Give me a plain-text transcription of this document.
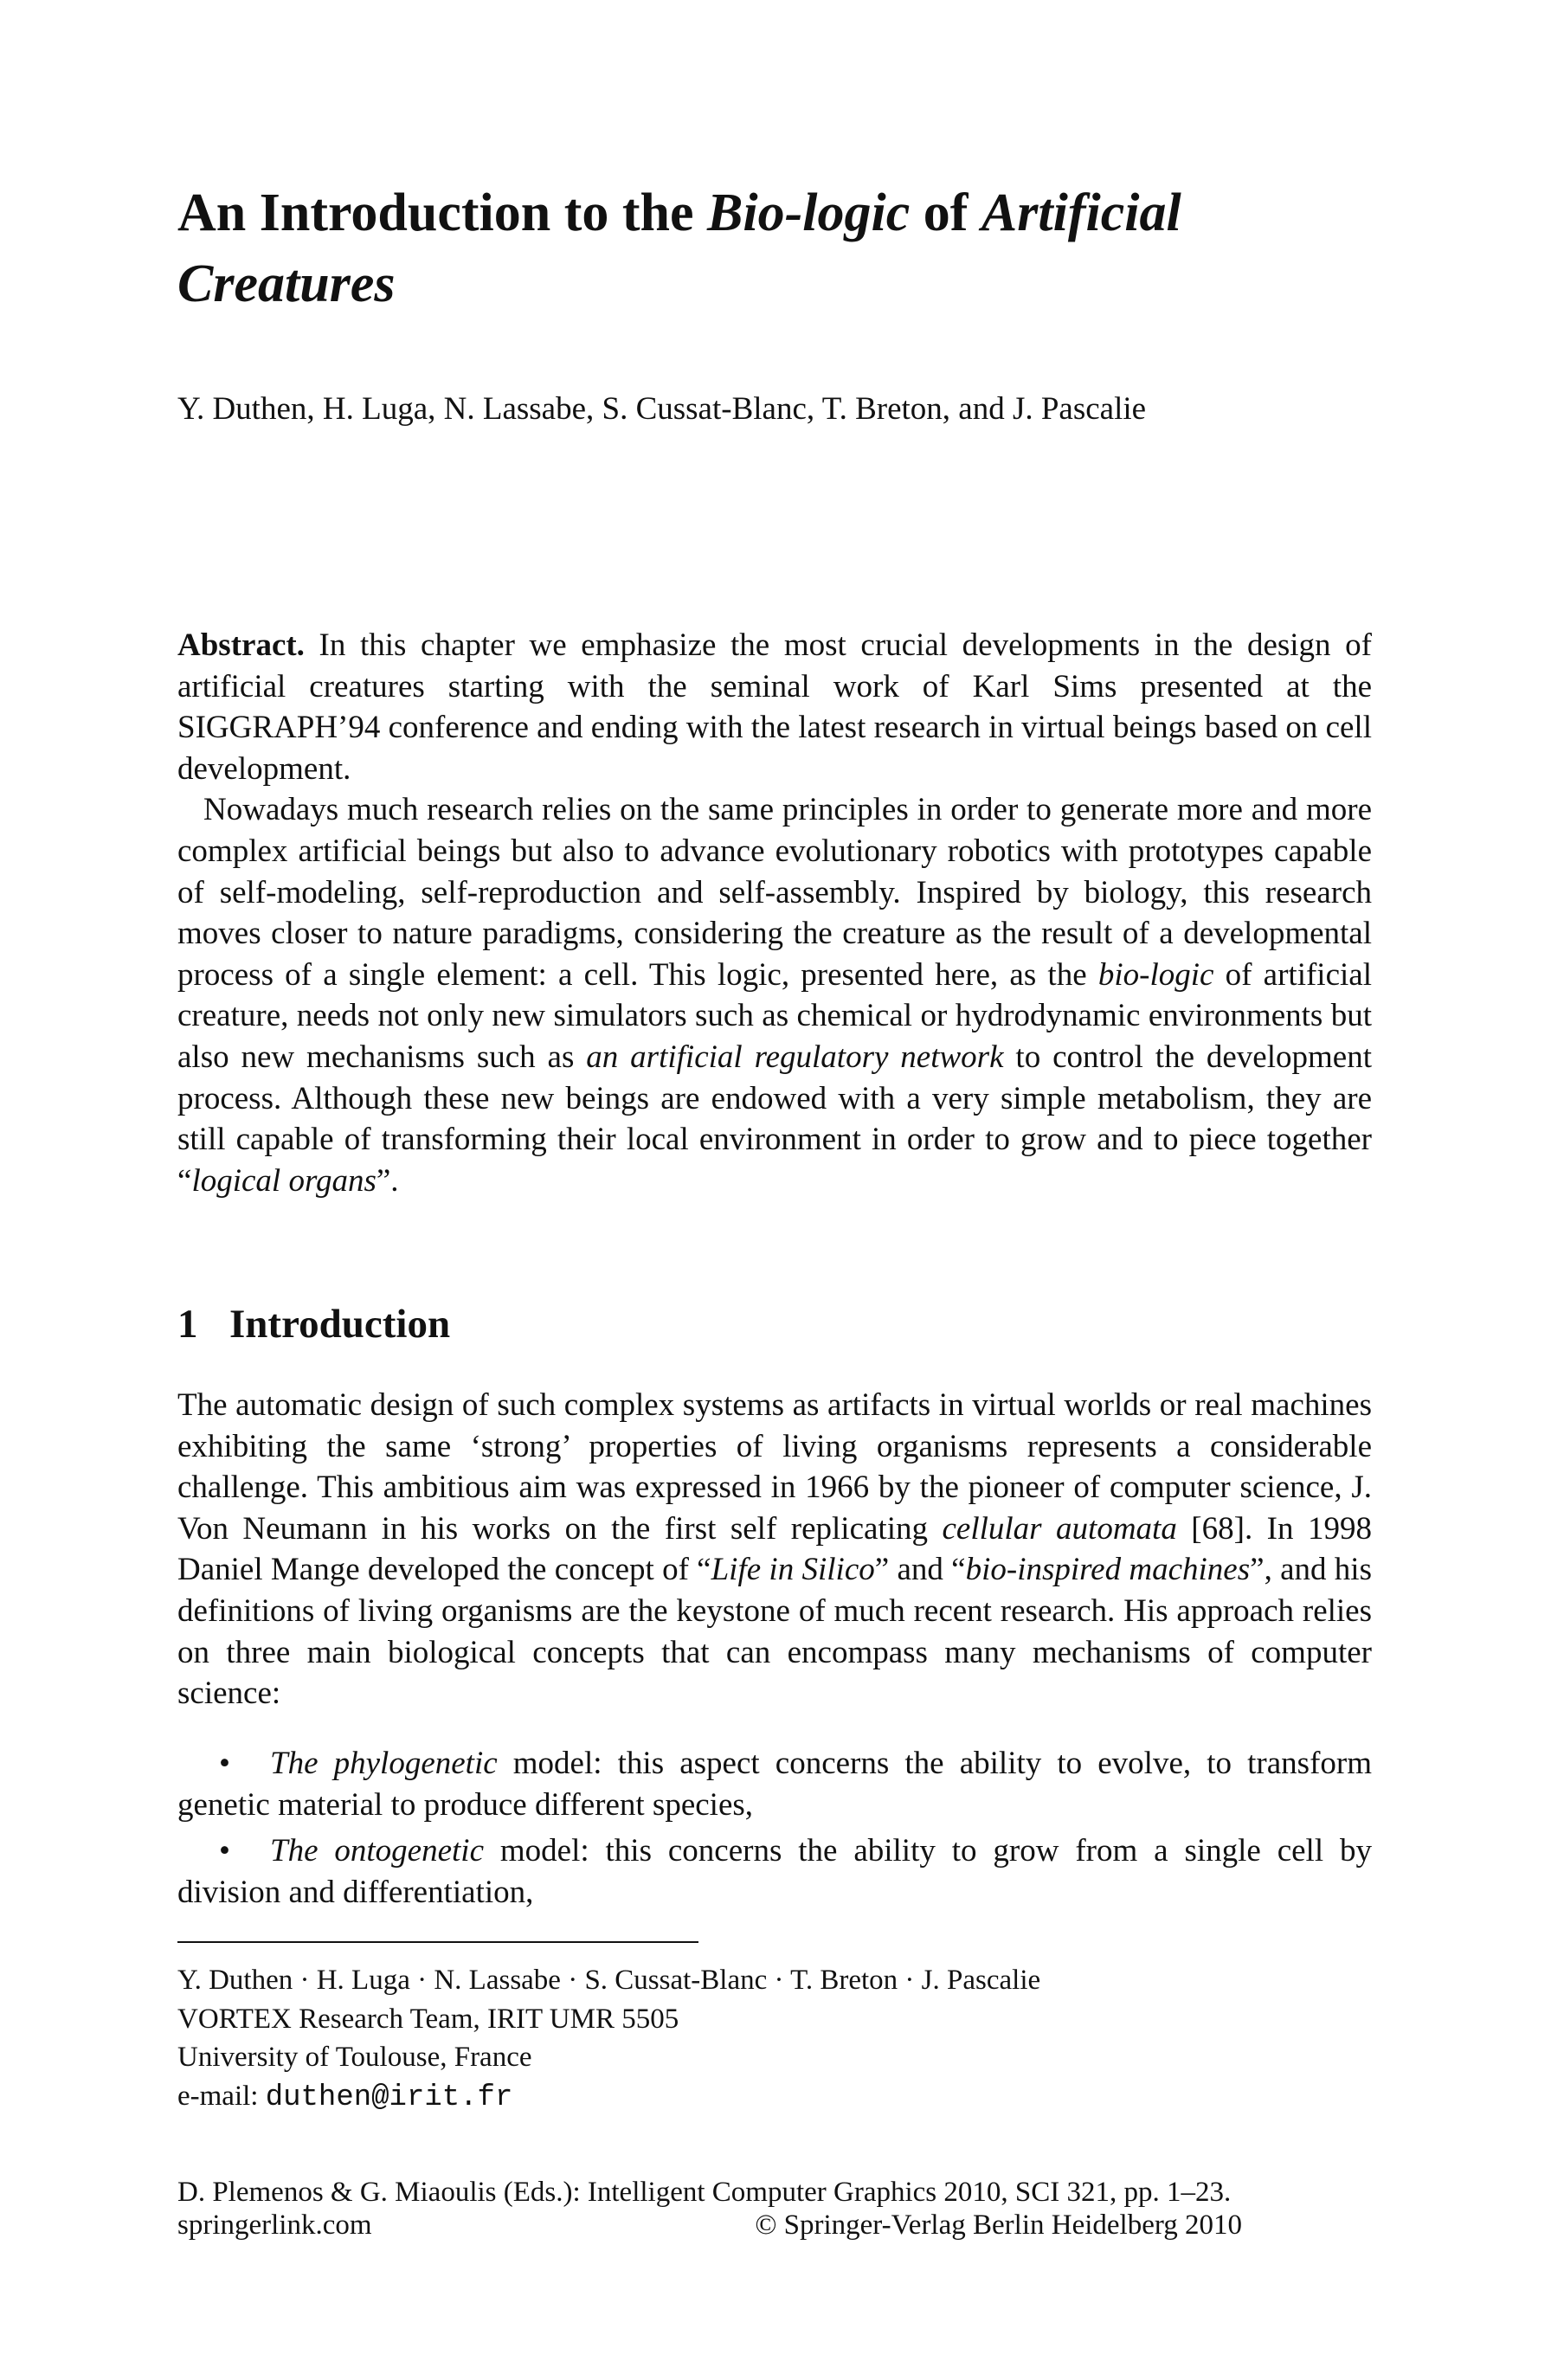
An Introduction to the Bio-logic of Artificial Creatures
Y. Duthen, H. Luga, N. Lassabe, S. Cussat-Blanc, T. Breton, and J. Pascalie

Abstract. In this chapter we emphasize the most crucial developments in the design of artificial creatures starting with the seminal work of Karl Sims presented at the SIGGRAPH’94 conference and ending with the latest research in virtual beings based on cell development.

Nowadays much research relies on the same principles in order to generate more and more complex artificial beings but also to advance evolutionary robotics with prototypes capable of self-modeling, self-reproduction and self-assembly. Inspired by biology, this research moves closer to nature paradigms, considering the creature as the result of a developmental process of a single element: a cell. This logic, presented here, as the bio-logic of artificial creature, needs not only new simulators such as chemical or hydrodynamic environments but also new mechanisms such as an artificial regulatory network to control the development process. Although these new beings are endowed with a very simple metabolism, they are still capable of transforming their local environment in order to grow and to piece together “logical organs”.

1 Introduction

The automatic design of such complex systems as artifacts in virtual worlds or real machines exhibiting the same ‘strong’ properties of living organisms represents a considerable challenge. This ambitious aim was expressed in 1966 by the pioneer of computer science, J. Von Neumann in his works on the first self replicating cellular automata [68]. In 1998 Daniel Mange developed the concept of “Life in Silico” and “bio-inspired machines”, and his definitions of living organisms are the keystone of much recent research. His approach relies on three main biological concepts that can encompass many mechanisms of computer science:

•	The phylogenetic model: this aspect concerns the ability to evolve, to transform genetic material to produce different species,
•	The ontogenetic model: this concerns the ability to grow from a single cell by division and differentiation,
Y. Duthen · H. Luga · N. Lassabe · S. Cussat-Blanc · T. Breton · J. Pascalie
VORTEX Research Team, IRIT UMR 5505
University of Toulouse, France
e-mail: duthen@irit.fr
D. Plemenos & G. Miaoulis (Eds.): Intelligent Computer Graphics 2010, SCI 321, pp. 1–23.
springerlink.com	© Springer-Verlag Berlin Heidelberg 2010
